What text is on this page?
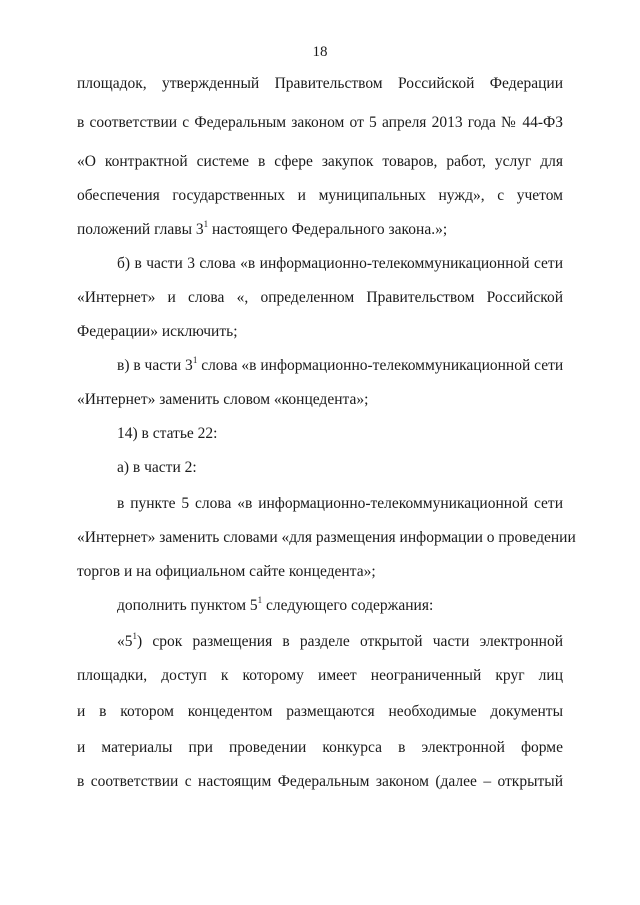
18
площадок, утвержденный Правительством Российской Федерации
в соответствии с Федеральным законом от 5 апреля 2013 года № 44-ФЗ
«О контрактной системе в сфере закупок товаров, работ, услуг для
обеспечения государственных и муниципальных нужд», с учетом
положений главы $3^1$ настоящего Федерального закона.»;
б) в части 3 слова «в информационно-телекоммуникационной сети
«Интернет» и слова «, определенном Правительством Российской
Федерации» исключить;
в) в части $3^1$ слова «в информационно-телекоммуникационной сети
«Интернет» заменить словом «концедента»;
14) в статье 22:
а) в части 2:
в пункте 5 слова «в информационно-телекоммуникационной сети
«Интернет» заменить словами «для размещения информации о проведении
торгов и на официальном сайте концедента»;
дополнить пунктом $5^1$ следующего содержания:
«$5^1$) срок размещения в разделе открытой части электронной
площадки, доступ к которому имеет неограниченный круг лиц
и в котором концедентом размещаются необходимые документы
и материалы при проведении конкурса в электронной форме
в соответствии с настоящим Федеральным законом (далее – открытый
